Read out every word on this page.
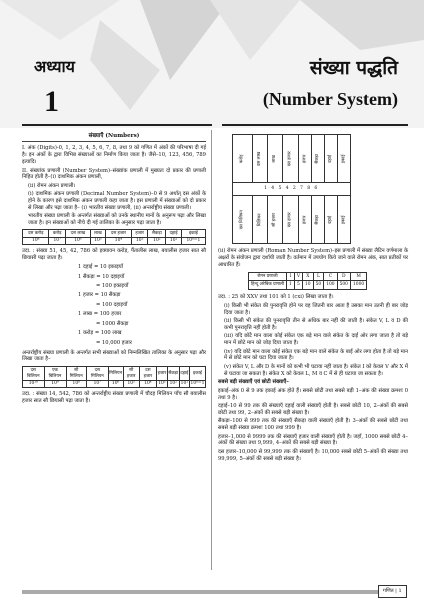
अध्याय
1
संख्या पद्धति
(Number System)
संख्याएँ (Numbers)

I. अंक (Digits)-0, 1, 2, 3, 4, 5, 6, 7, 8, तथा 9 को गणित में अंकों की परिभाषा दी गई है। इन अंकों के द्वारा विभिन्न संख्याओं का निर्माण किया जाता है। जैसे–10, 123, 456, 789 इत्यादि।

II. संख्यांक प्रणाली (Number System)–संख्यांक प्रणाली में मुख्यतः दो प्रकार की प्रणाली निहित होती है–(i) दाशमिक अंकन प्रणाली,

(ii) रोमन अंकन प्रणाली।

(i) दाशमिक अंकन प्रणाली (Decimal Number System)–0 से 9 अर्थात् दस अंकों के होने के कारण इसे दाशमिक अंकन प्रणाली कहा जाता है। इस प्रणाली में संख्याओं को दो प्रकार से लिखा और पढ़ा जाता है– (i) भारतीय संख्या प्रणाली, (ii) अन्तर्राष्ट्रीय संख्या प्रणाली।

भारतीय संख्या प्रणाली के अन्तर्गत संख्याओं को उनके स्थानीय मानों के अनुरूप पढ़ा और लिखा जाता है। इन संख्याओं को नीचे दी गई तालिका के अनुसार पढ़ा जाता है।

दस करोड़	करोड़	दस लाख	लाख	दस हजार	हजार	सैकड़ा	दहाई	इकाई
10⁸	10⁷	10⁶	10⁵	10⁴	10³	10²	10¹	10⁰=1

उदा. : संख्या 51, 45, 42, 786 को इक्यावन करोड़, पैंतालीस लाख, बयालीस हजार सात सौ छियासी पढ़ा जाता है।

1 दहाई = 10 इकाइयाँ
1 सैकड़ा = 10 दहाइयाँ
= 100 इकाइयाँ
1 हजार = 10 सैकड़ा
= 100 दहाइयाँ
1 लाख = 100 हजार
= 1000 सैकड़ा
1 करोड़ = 100 लाख
= 10,000 हजार

अन्तर्राष्ट्रीय संख्या प्रणाली के अन्तर्गत सभी संख्याओं को निम्नलिखित तालिका के अनुसार पढ़ा और लिखा जाता है–

दस बिलियन	एक बिलियन	सौ मिलियन	दस मिलियन	मिलियन	सौ हजार	दस हजार	हजार	सैकड़ा	दहाई	इकाई
10¹⁰	10⁹	10⁸	10⁷	10⁶	10⁵	10⁴	10³	10²	10¹	10⁰=1

उदा. : संख्या 14, 542, 786 को अन्तर्राष्ट्रीय संख्या प्रणाली में चौदह मिलियन पाँच सौ बयालीस हजार सात सौ छियासी पढ़ा जाता है।

करोड़	दस लाख	लाख	दस हजार	हजार	सैकड़ा	दहाई	इकाई
1 4 5 4 2 7 8 6							
दस मिलियन	मिलियन	सौ हजार	दस हजार	हजार	सैकड़ा	दहाई	इकाई

(ii) रोमन अंकन प्रणाली (Roman Number System)–इस प्रणाली में संख्या लैटिन वर्णमाला के अक्षरों के संयोजन द्वारा दर्शायी जाती है। वर्तमान में उपयोग किये जाने वाले रोमन अंक, सात प्रतीकों पर आधारित हैं।

रोमन प्रणाली	I	V	X	L	C	D	M
हिन्दू अरेबिक प्रणाली	1	5	10	50	100	500	1000

उदा. : 25 को XXV तथा 101 को 1 (cxi) लिखा जाता है।

(i) किसी भी संकेत की पुनरावृत्ति होने पर वह जितनी बार आता है उसका मान उतनी ही बार जोड़ दिया जाता है।

(ii) किसी भी संकेत की पुनरावृत्ति तीन से अधिक बार नहीं की जाती है। संकेत V, L व D की कभी पुनरावृत्ति नहीं होती है।

(iii) यदि छोटेे मान वाला कोई संकेत एक बड़े मान वाले संकेत के दाईं ओर लगा जाता है तो बड़े मान में छोटे मान को जोड़ दिया जाता है।

(iv) यदि छोटे मान वाला कोई संकेत एक बड़े मान वाले संकेत के बाईं ओर लगा होता है तो बड़े मान में से छोटे मान को घटा दिया जाता है।

(v) संकेत V, L और D के मानों को कभी भी घटाया नहीं जाता है। संकेत I को केवल V और X में से घटाया जा सकता है। संकेत X को केवल L, M व C में से ही घटाया जा सकता है।

सबसे बड़ी संख्याएँ एवं छोटी संख्याएँ–

इकाई–अंक 0 से 9 तक इकाई अंक होते हैं। सबसे छोटी तथा सबसे बड़ी 1–अंक की संख्या क्रमशः 0 तथा 9 है।

दहाई–10 से 99 तक की संख्याएँ दहाई वाली संख्याएँ होती है। सबसे छोटी 10, 2–अंकों की सबसे छोटी तथा 99, 2–अंकों की सबसे बड़ी संख्या है।

सैकड़ा–100 से 999 तक की संख्याएँ सैकड़ा वाली संख्याएँ होती है। 3–अंकों की सबसे छोटी तथा सबसे बड़ी संख्या क्रमशः 100 तथा 999 है।

हजार–1,000 से 9999 तक की संख्याएँ हजार वाली संख्याएँ होती है। जहाँ, 1000 सबसे छोटी 4–अंकों की संख्या तथा 9,999, 4–अंकों की सबसे बड़ी संख्या है।

दस हजार–10,000 से 99,999 तक की संख्याएँ है। 10,000 सबसे छोटी 5–अंकों की संख्या तथा 99,999, 5–अंकों की सबसे बड़ी संख्या है।

गणित | 1
